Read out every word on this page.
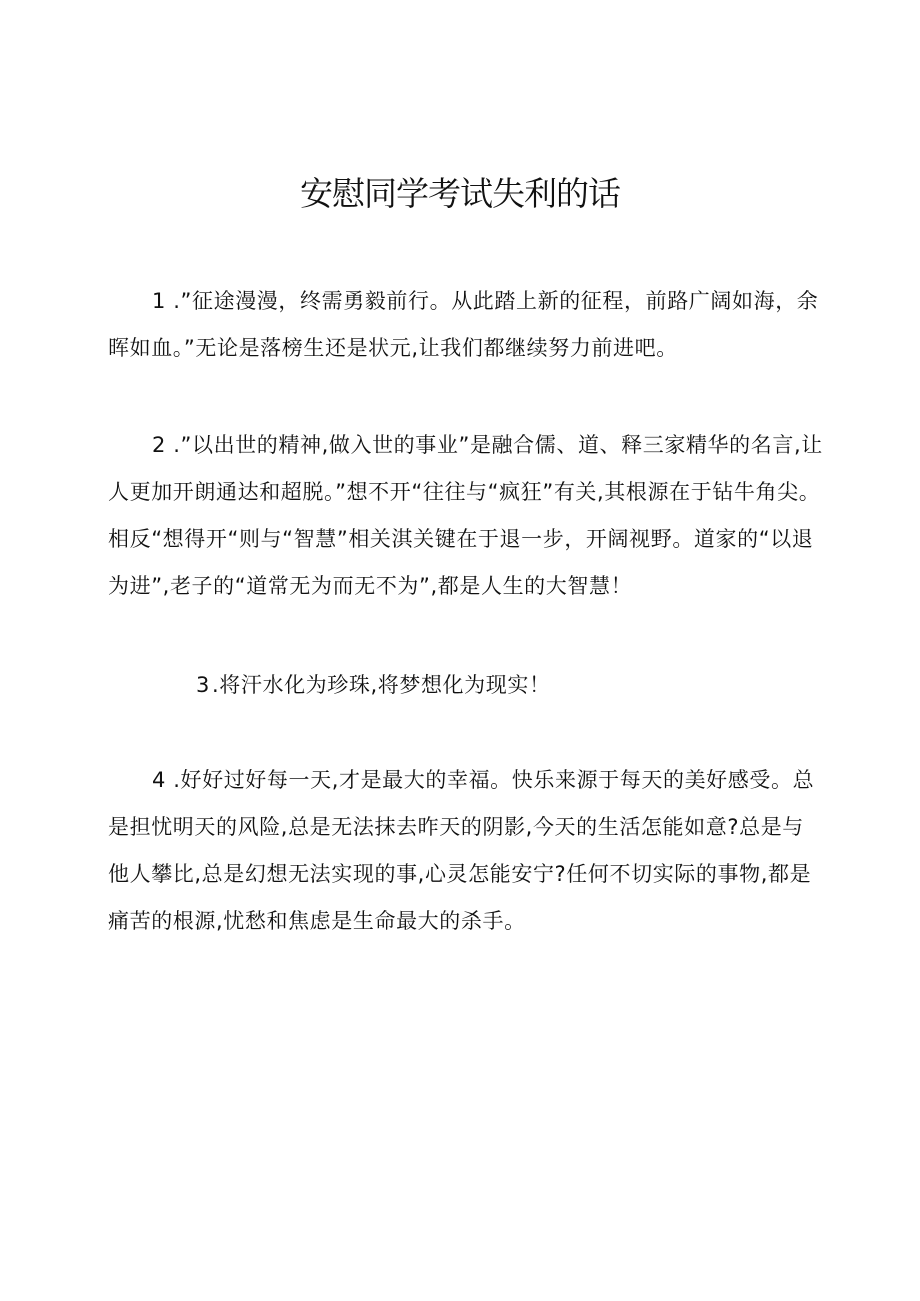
安慰同学考试失利的话

1 .”征途漫漫，终需勇毅前行。从此踏上新的征程，前路广阔如海，余晖如血。”无论是落榜生还是状元,让我们都继续努力前进吧。

2 .”以出世的精神,做入世的事业”是融合儒、道、释三家精华的名言,让人更加开朗通达和超脱。”想不开“往往与“疯狂”有关,其根源在于钻牛角尖。相反“想得开“则与“智慧”相关淇关键在于退一步，开阔视野。道家的“以退为进”,老子的“道常无为而无不为”,都是人生的大智慧！

3.将汗水化为珍珠,将梦想化为现实！

4 .好好过好每一天,才是最大的幸福。快乐来源于每天的美好感受。总是担忧明天的风险,总是无法抹去昨天的阴影,今天的生活怎能如意?总是与他人攀比,总是幻想无法实现的事,心灵怎能安宁?任何不切实际的事物,都是痛苦的根源,忧愁和焦虑是生命最大的杀手。
